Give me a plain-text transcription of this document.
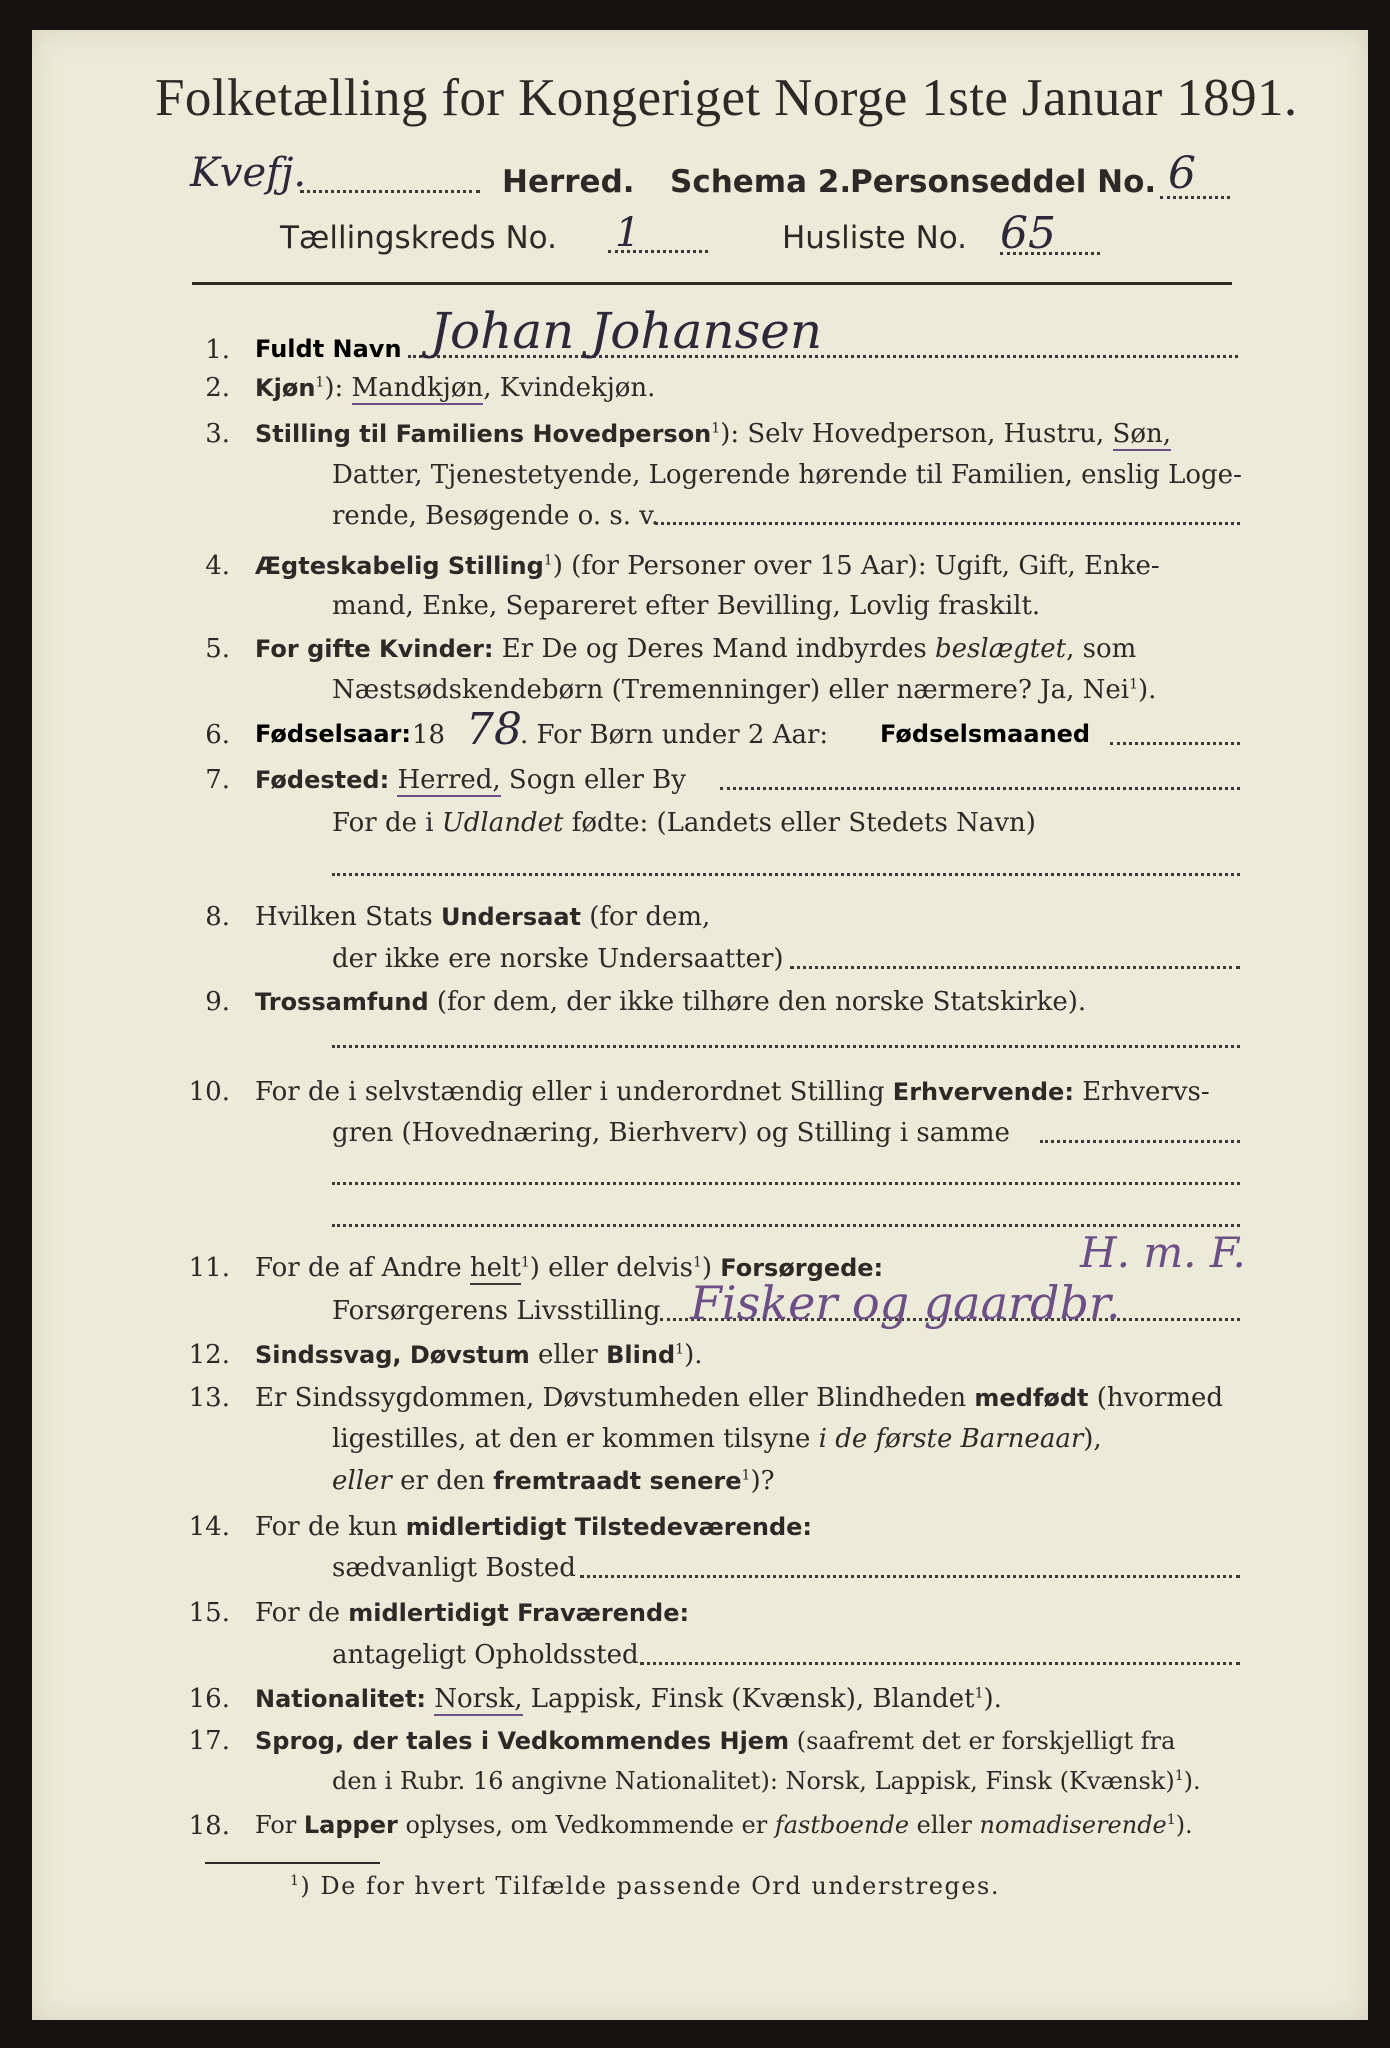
Folketælling for Kongeriget Norge 1ste Januar 1891.
Kvefj.	Herred. Schema 2.
Personseddel No. 6
Tællingskreds No. 1	Husliste No. 65
1. Fuldt Navn Johan Johansen
2. Kjøn$^1$): Mandkjøn, Kvindekjøn.
3. Stilling til Familiens Hovedperson$^1$): Selv Hovedperson, Hustru, Søn,
Datter, Tjenestetyende, Logerende hørende til Familien, enslig Loge-
rende, Besøgende o. s. v.
4. Ægteskabelig Stilling$^1$) (for Personer over 15 Aar): Ugift, Gift, Enke-
mand, Enke, Separeret efter Bevilling, Lovlig fraskilt.
5. For gifte Kvinder: Er De og Deres Mand indbyrdes beslægtet, som
Næstsødskendebørn (Tremenninger) eller nærmere? Ja, Nei$^1$).
6. Fødselsaar: 18 78
. For Børn under 2 Aar: Fødselsmaaned
7. Fødested: Herred, Sogn eller By
For de i Udlandet fødte: (Landets eller Stedets Navn)
8. Hvilken Stats Undersaat (for dem,
der ikke ere norske Undersaatter)
9. Trossamfund (for dem, der ikke tilhøre den norske Statskirke).
10. For de i selvstændig eller i underordnet Stilling Erhvervende: Erhvervs-
gren (Hovednæring, Bierhverv) og Stilling i samme
11. For de af Andre helt$^1$) eller delvis$^1$) Forsørgede:	H. m. F.
Forsørgerens Livsstilling Fisker og gaardbr.
12. Sindssvag, Døvstum eller Blind$^1$).
13. Er Sindssygdommen, Døvstumheden eller Blindheden medfødt (hvormed
ligestilles, at den er kommen tilsyne i de første Barneaar),
eller er den fremtraadt senere$^1$)?
14. For de kun midlertidigt Tilstedeværende:
sædvanligt Bosted
15. For de midlertidigt Fraværende:
antageligt Opholdssted
16. Nationalitet: Norsk, Lappisk, Finsk (Kvænsk), Blandet$^1$).
17. Sprog, der tales i Vedkommendes Hjem (saafremt det er forskjelligt fra
den i Rubr. 16 angivne Nationalitet): Norsk, Lappisk, Finsk (Kvænsk)$^1$).
18. For Lapper oplyses, om Vedkommende er fastboende eller nomadiserende$^1$).
$^1$) De for hvert Tilfælde passende Ord understreges.
